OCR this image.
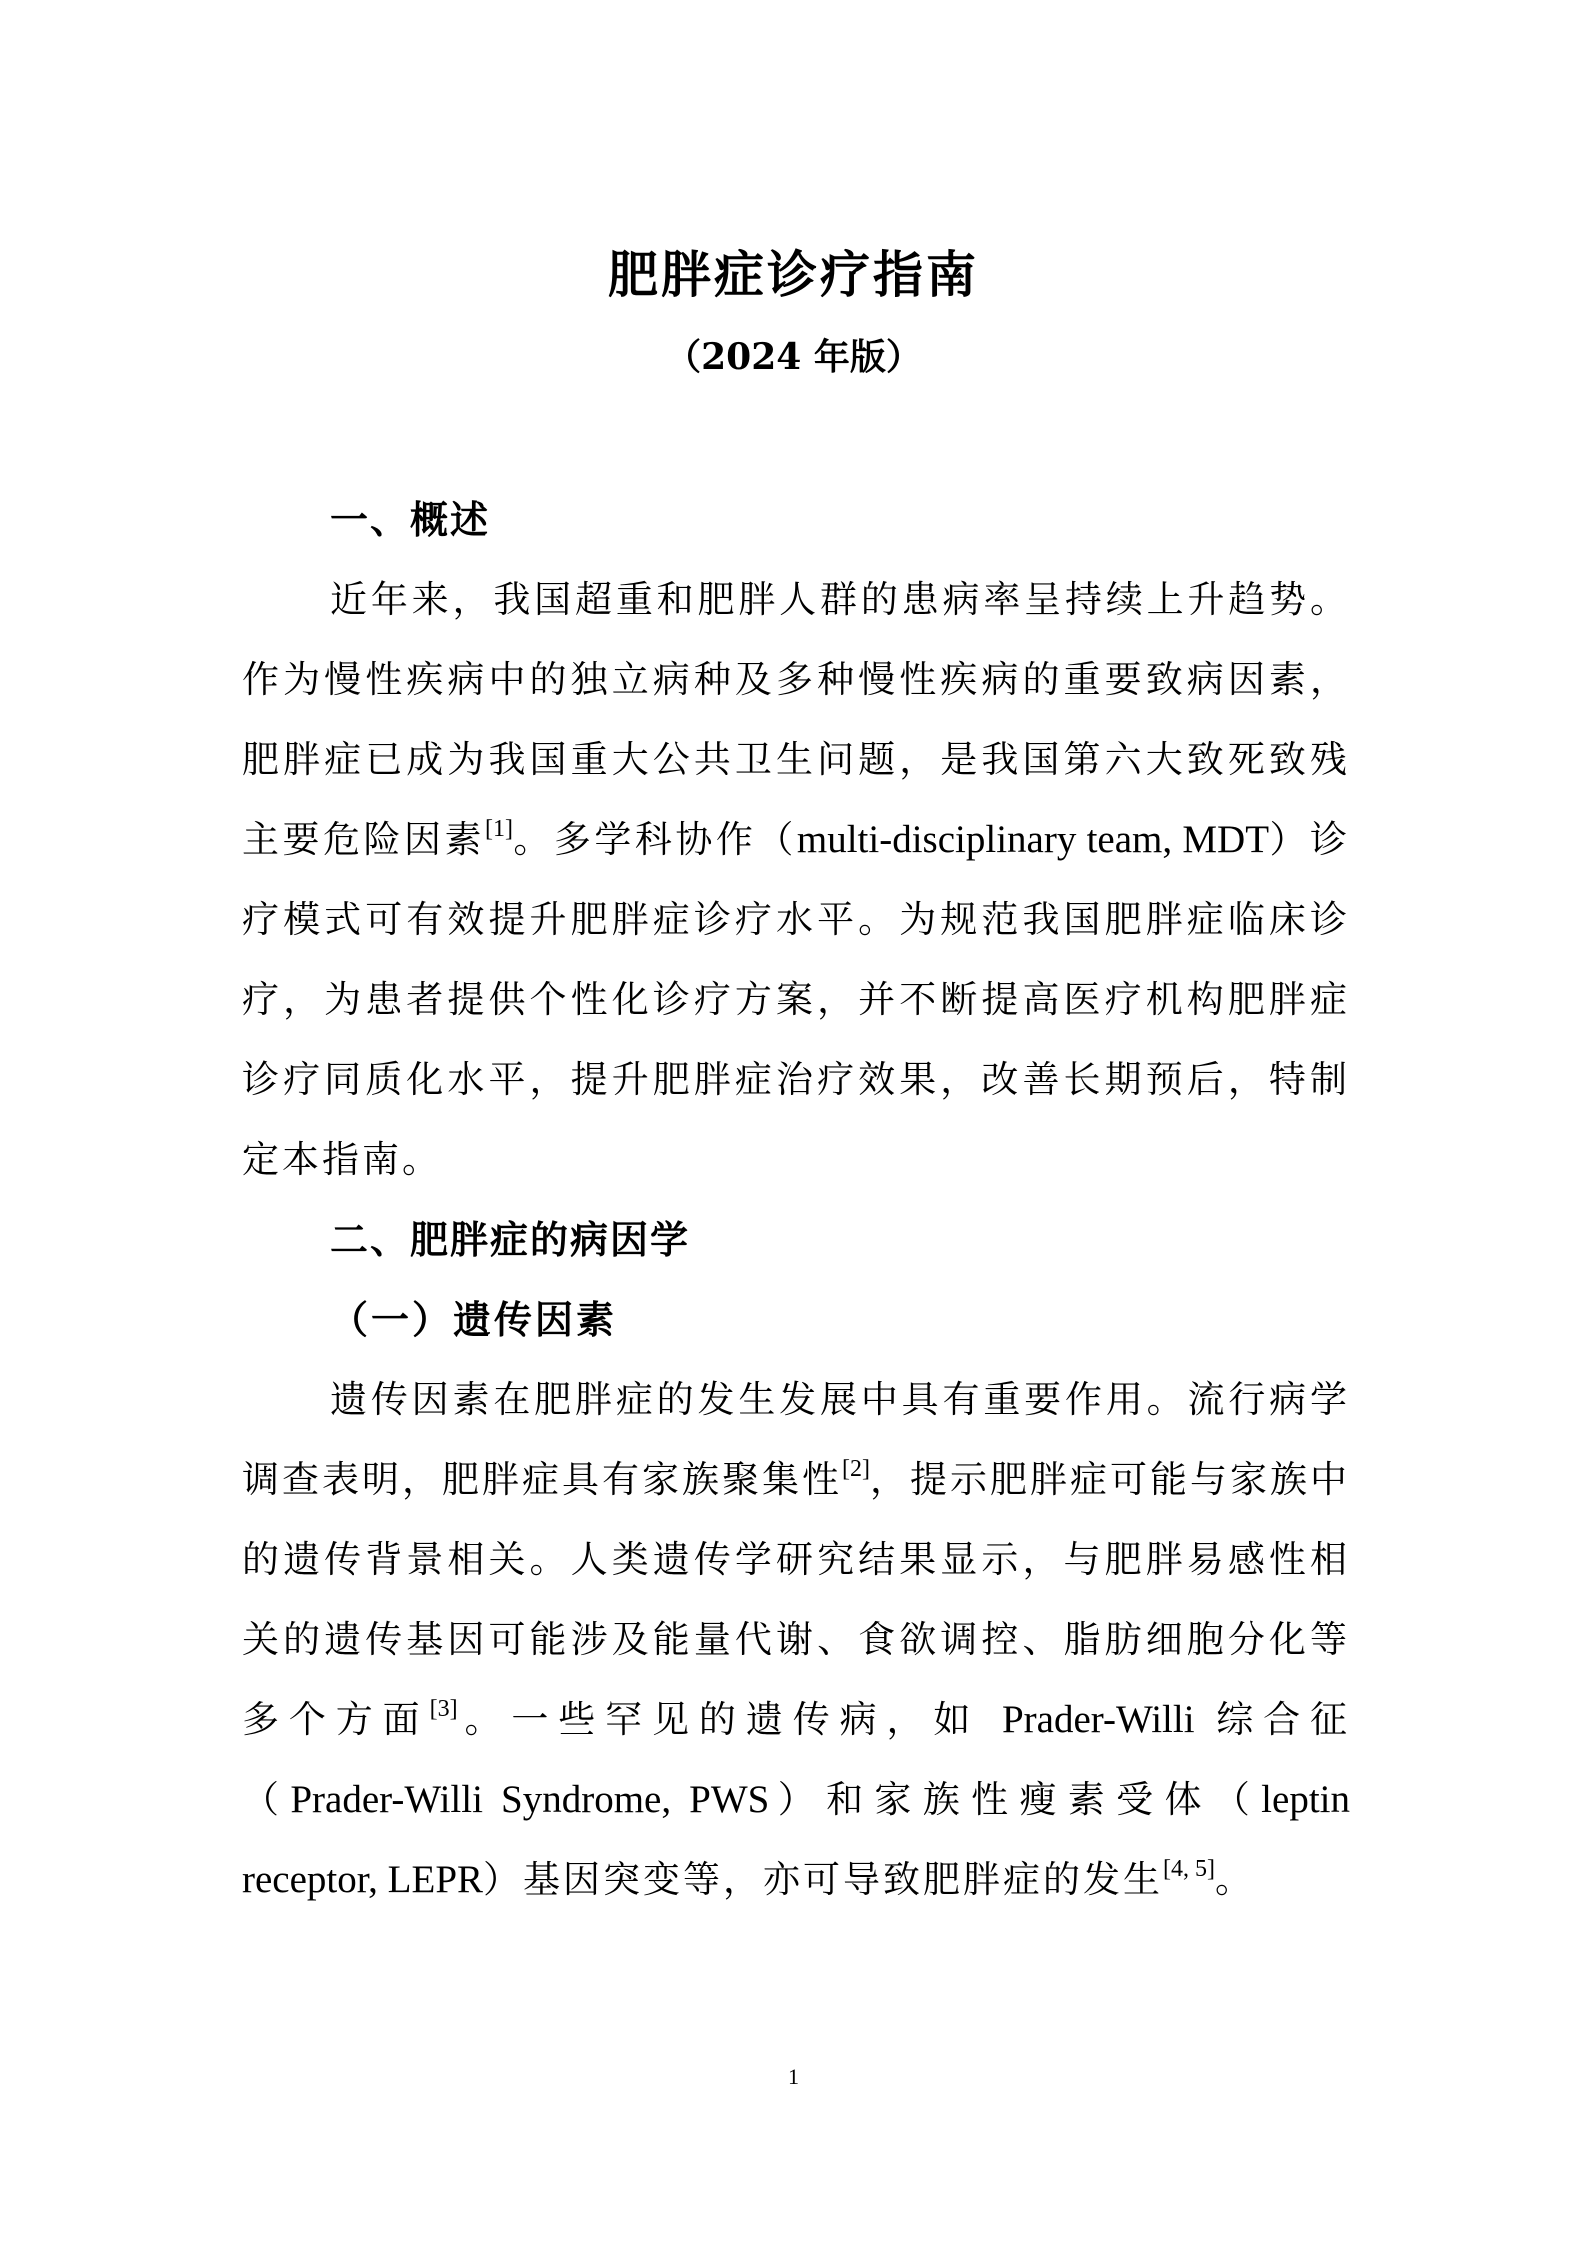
肥胖症诊疗指南
（2024 年版）
一、概述

近年来，我国超重和肥胖人群的患病率呈持续上升趋势。作为慢性疾病中的独立病种及多种慢性疾病的重要致病因素，肥胖症已成为我国重大公共卫生问题，是我国第六大致死致残主要危险因素[1]。多学科协作（multi-disciplinary team, MDT）诊疗模式可有效提升肥胖症诊疗水平。为规范我国肥胖症临床诊疗，为患者提供个性化诊疗方案，并不断提高医疗机构肥胖症诊疗同质化水平，提升肥胖症治疗效果，改善长期预后，特制定本指南。

二、肥胖症的病因学
（一）遗传因素

遗传因素在肥胖症的发生发展中具有重要作用。流行病学调查表明，肥胖症具有家族聚集性[2]，提示肥胖症可能与家族中的遗传背景相关。人类遗传学研究结果显示，与肥胖易感性相关的遗传基因可能涉及能量代谢、食欲调控、脂肪细胞分化等多个方面[3]。一些罕见的遗传病，如 Prader-Willi 综合征（Prader-Willi Syndrome, PWS）和家族性瘦素受体（leptin receptor, LEPR）基因突变等，亦可导致肥胖症的发生[4, 5]。

1
